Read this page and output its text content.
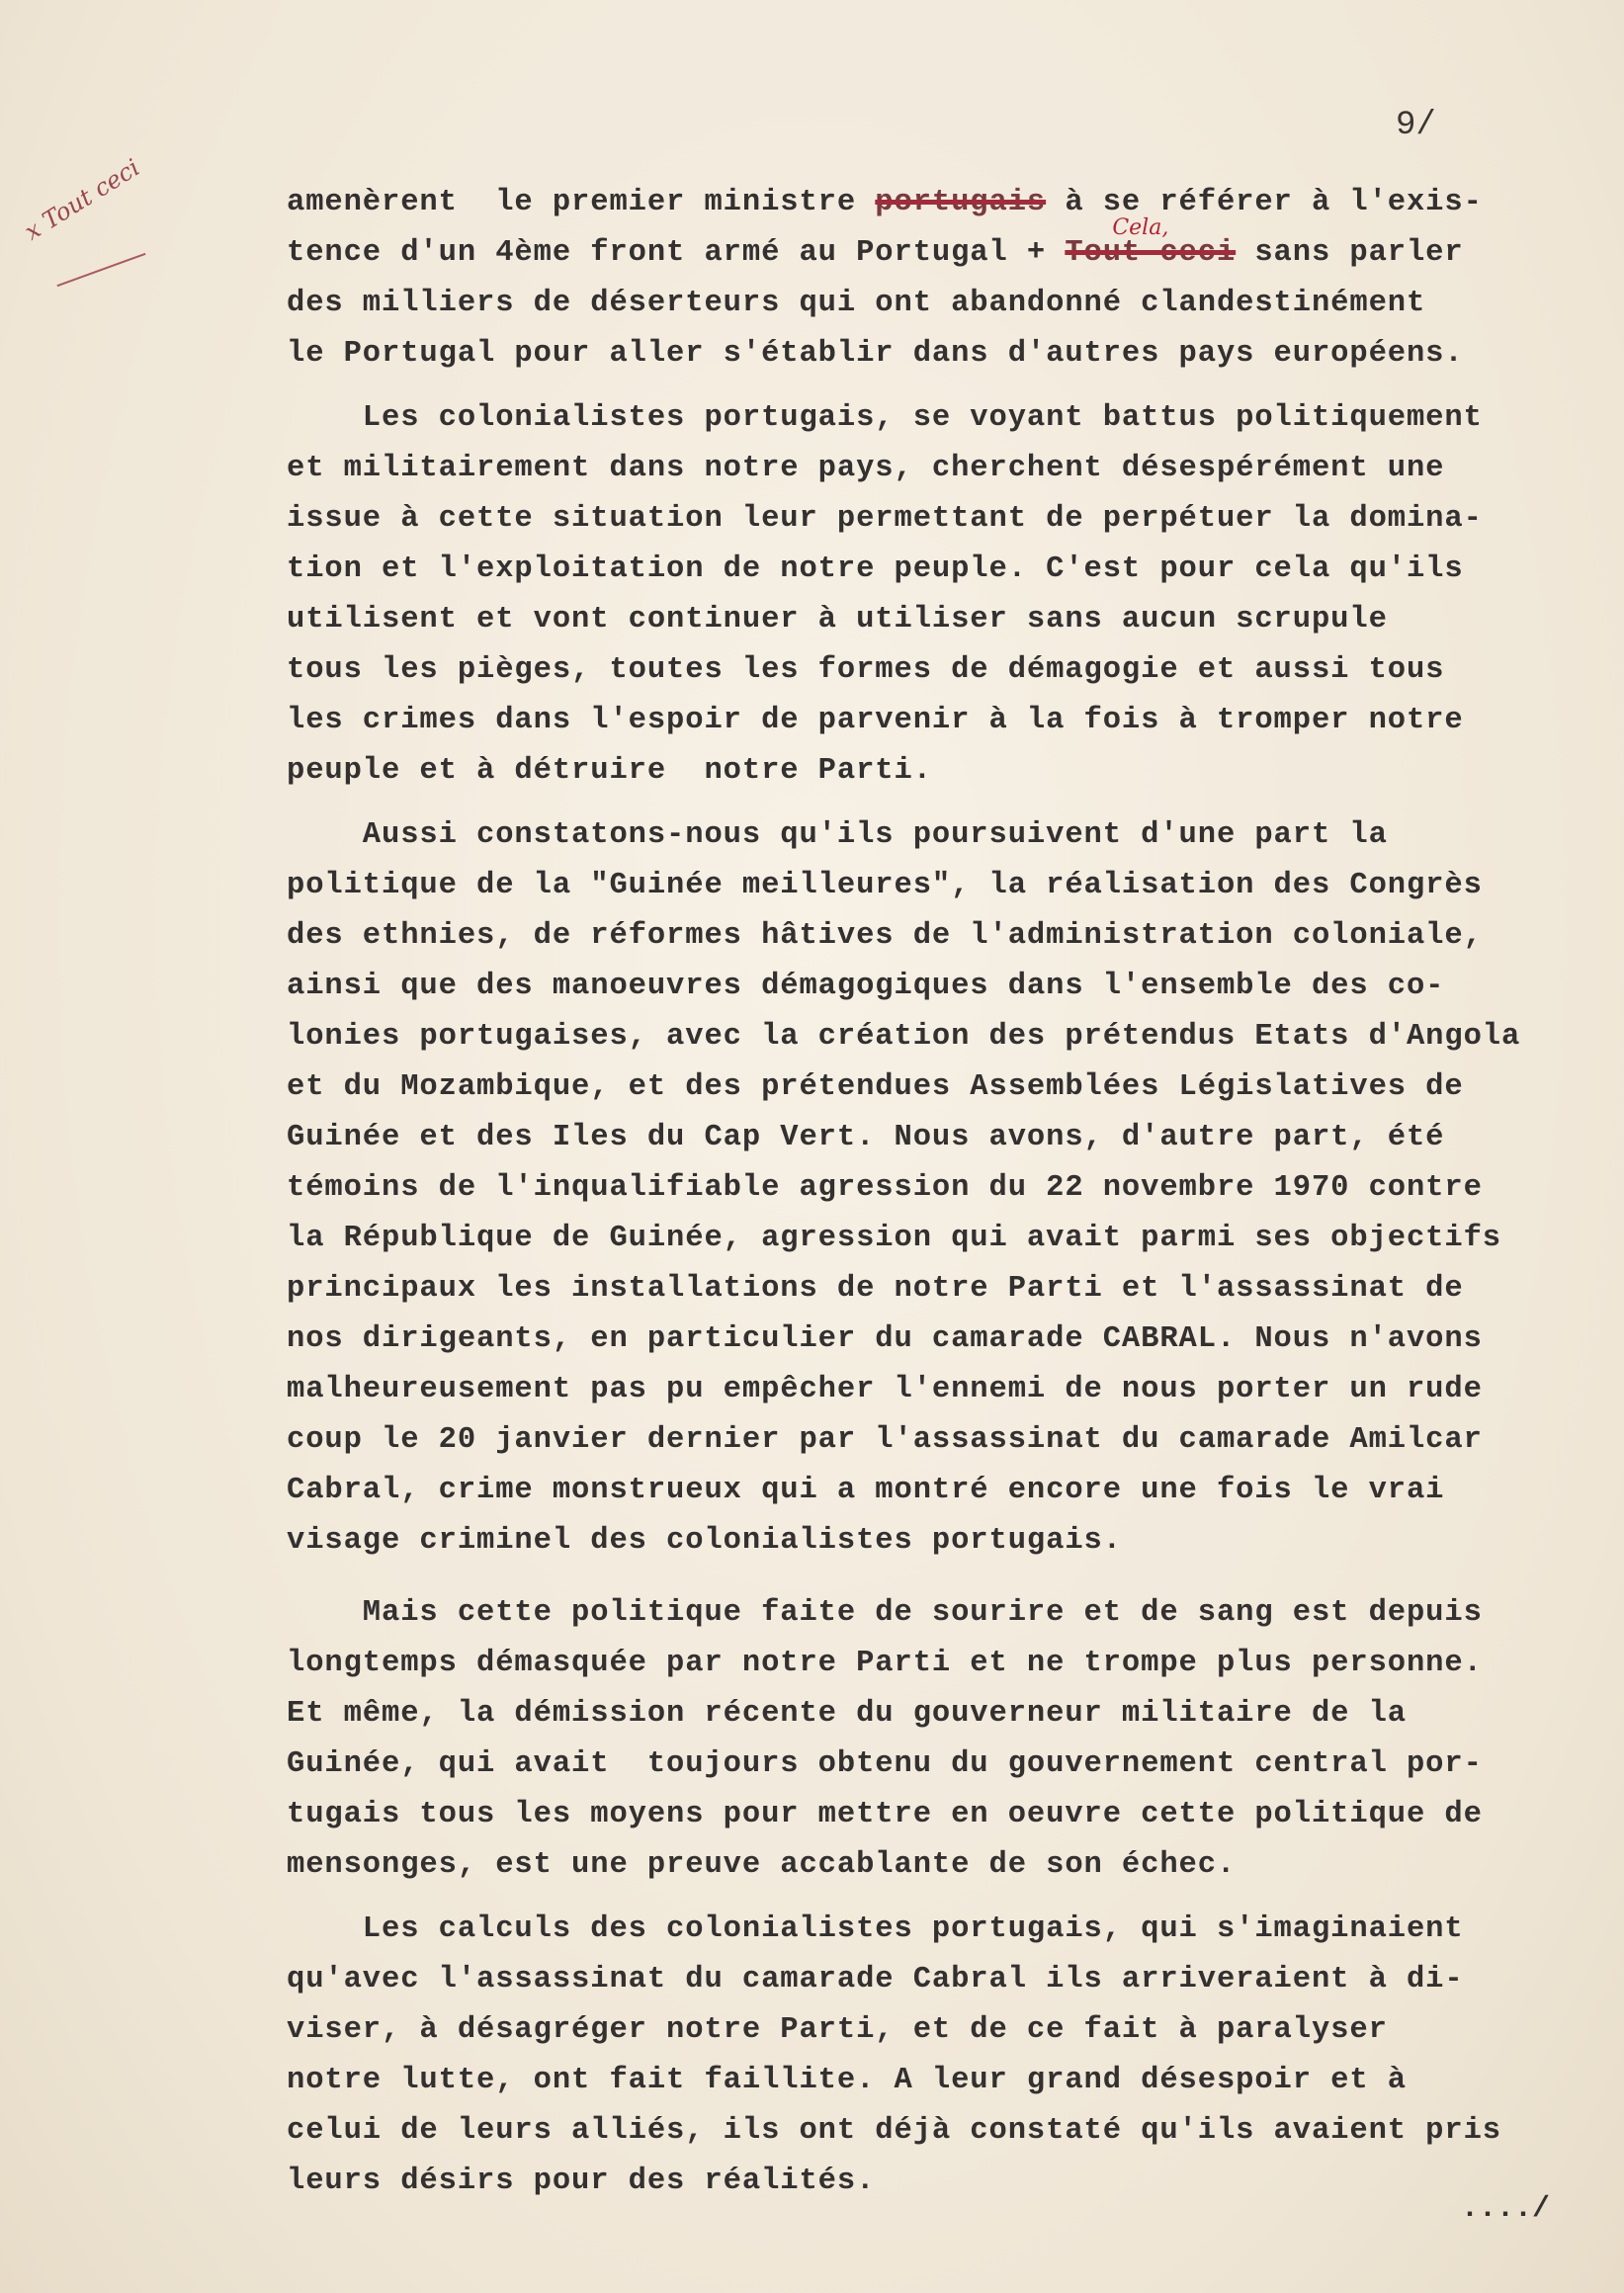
9/
x Tout ceci	amenèrent  le premier ministre portugais à se référer à l'exis-
tence d'un 4ème front armé au Portugal + Tout ceci
Cela,
sans parler
des milliers de déserteurs qui ont abandonné clandestinément
le Portugal pour aller s'établir dans d'autres pays européens.
Les colonialistes portugais, se voyant battus politiquement
et militairement dans notre pays, cherchent désespérément une
issue à cette situation leur permettant de perpétuer la domina-
tion et l'exploitation de notre peuple. C'est pour cela qu'ils
utilisent et vont continuer à utiliser sans aucun scrupule
tous les pièges, toutes les formes de démagogie et aussi tous
les crimes dans l'espoir de parvenir à la fois à tromper notre
peuple et à détruire  notre Parti.
Aussi constatons-nous qu'ils poursuivent d'une part la
politique de la "Guinée meilleures", la réalisation des Congrès
des ethnies, de réformes hâtives de l'administration coloniale,
ainsi que des manoeuvres démagogiques dans l'ensemble des co-
lonies portugaises, avec la création des prétendus Etats d'Angola
et du Mozambique, et des prétendues Assemblées Législatives de
Guinée et des Iles du Cap Vert. Nous avons, d'autre part, été
témoins de l'inqualifiable agression du 22 novembre 1970 contre
la République de Guinée, agression qui avait parmi ses objectifs
principaux les installations de notre Parti et l'assassinat de
nos dirigeants, en particulier du camarade CABRAL. Nous n'avons
malheureusement pas pu empêcher l'ennemi de nous porter un rude
coup le 20 janvier dernier par l'assassinat du camarade Amilcar
Cabral, crime monstrueux qui a montré encore une fois le vrai
visage criminel des colonialistes portugais.
Mais cette politique faite de sourire et de sang est depuis
longtemps démasquée par notre Parti et ne trompe plus personne.
Et même, la démission récente du gouverneur militaire de la
Guinée, qui avait  toujours obtenu du gouvernement central por-
tugais tous les moyens pour mettre en oeuvre cette politique de
mensonges, est une preuve accablante de son échec.
Les calculs des colonialistes portugais, qui s'imaginaient
qu'avec l'assassinat du camarade Cabral ils arriveraient à di-
viser, à désagréger notre Parti, et de ce fait à paralyser
notre lutte, ont fait faillite. A leur grand désespoir et à
celui de leurs alliés, ils ont déjà constaté qu'ils avaient pris
leurs désirs pour des réalités.
..../
